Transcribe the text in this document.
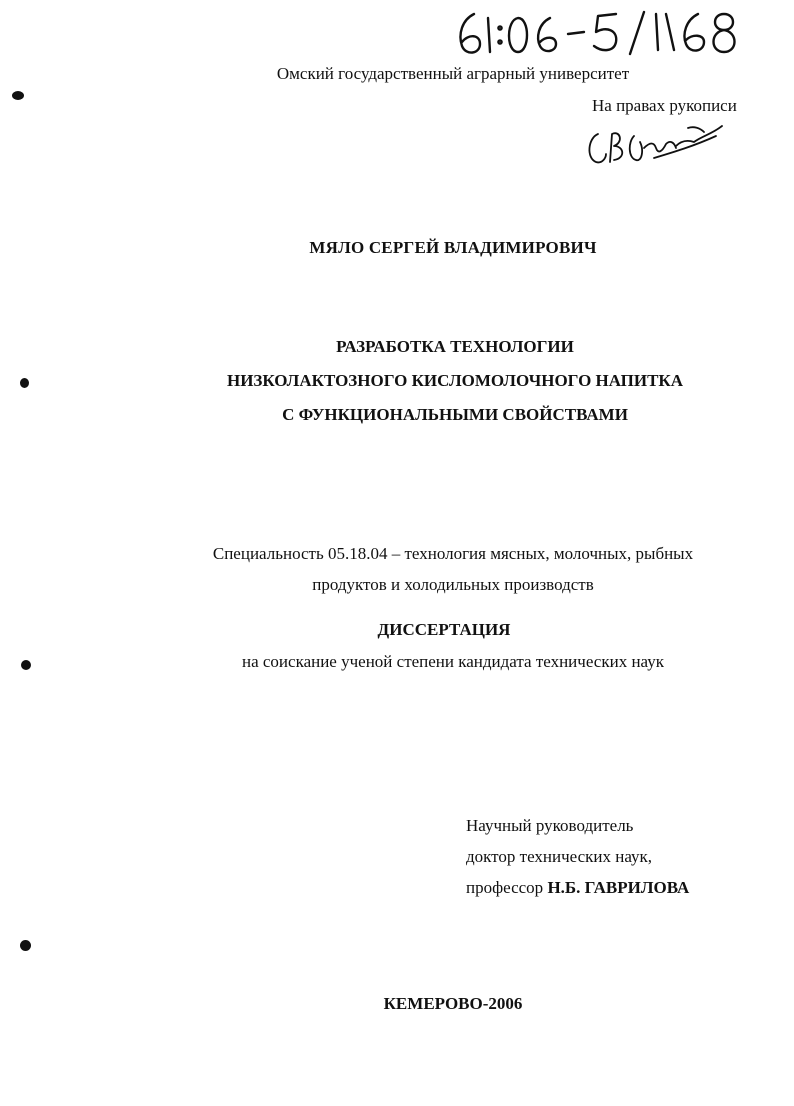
Омский государственный аграрный университет
На правах рукописи
МЯЛО СЕРГЕЙ ВЛАДИМИРОВИЧ
РАЗРАБОТКА ТЕХНОЛОГИИ
НИЗКОЛАКТОЗНОГО КИСЛОМОЛОЧНОГО НАПИТКА
С ФУНКЦИОНАЛЬНЫМИ СВОЙСТВАМИ
Специальность 05.18.04 – технология мясных, молочных, рыбных
продуктов и холодильных производств
ДИССЕРТАЦИЯ
на соискание ученой степени кандидата технических наук
Научный руководитель
доктор технических наук,
профессор Н.Б. ГАВРИЛОВА
КЕМЕРОВО-2006
